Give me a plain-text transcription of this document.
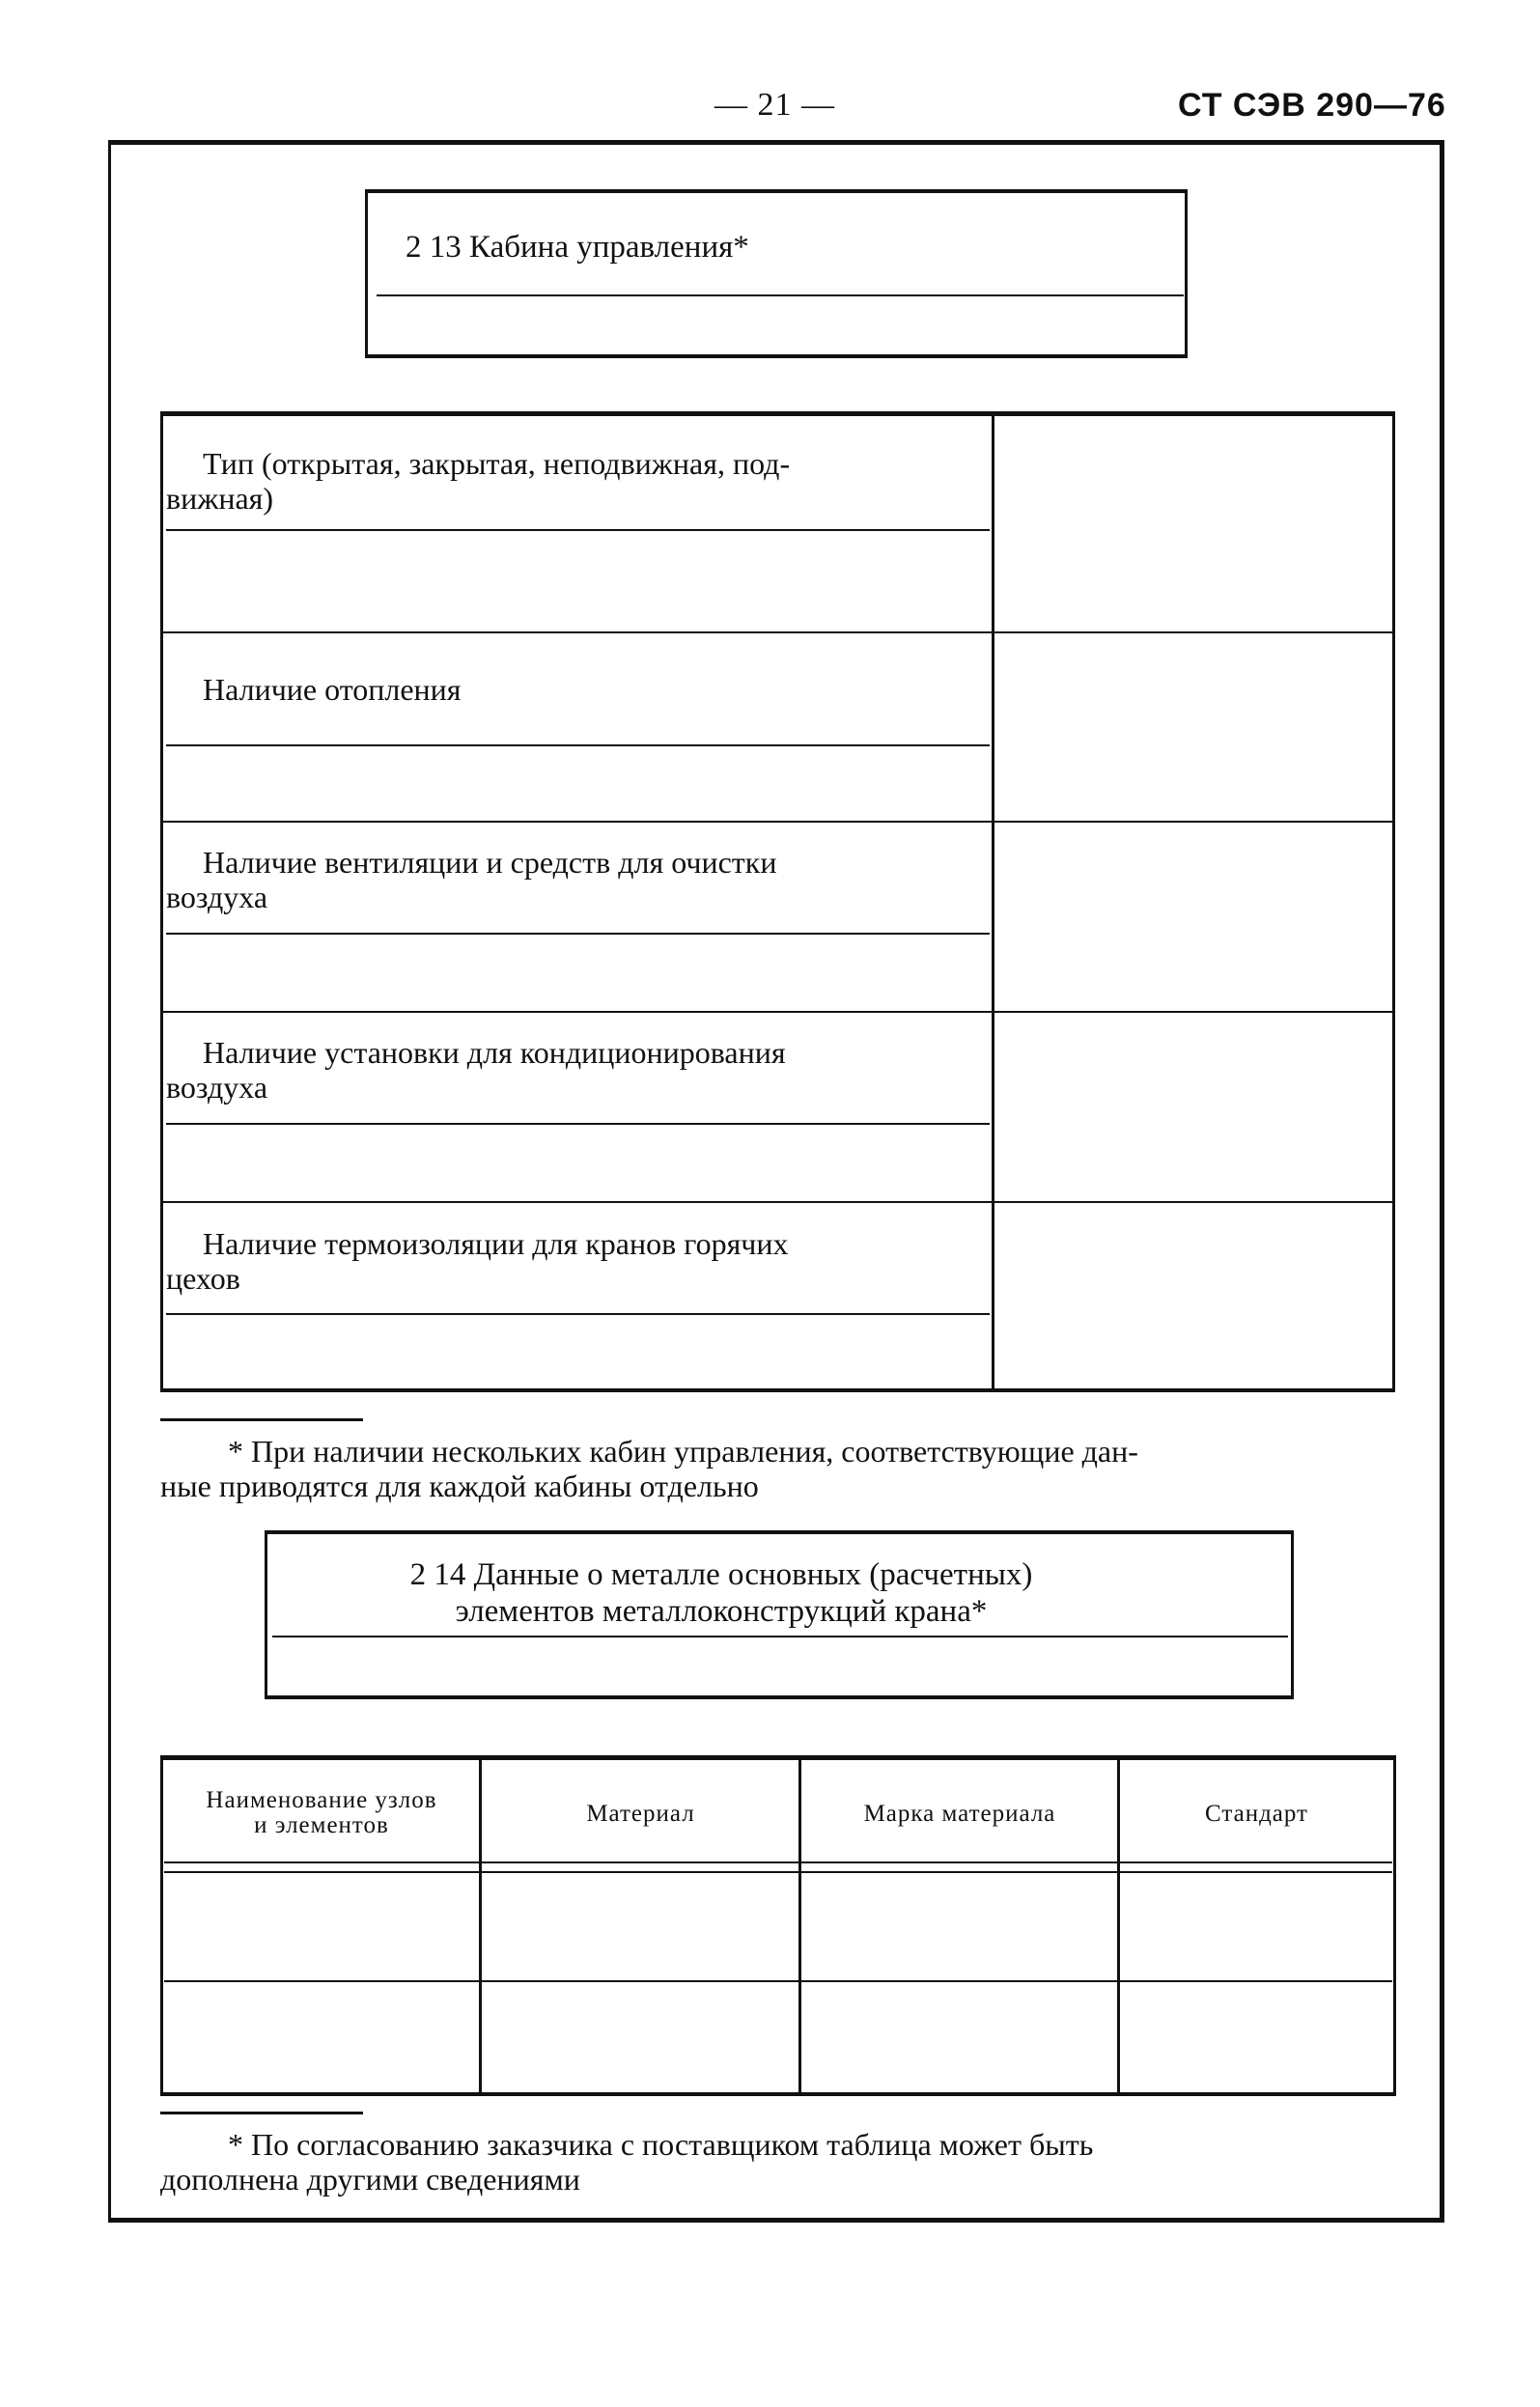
— 21 —	СТ СЭВ 290—76
2 13 Кабина управления*
Тип (открытая, закрытая, неподвижная, под-
вижная)
Наличие отопления
Наличие вентиляции и средств для очистки
воздуха
Наличие установки для кондиционирования
воздуха
Наличие термоизоляции для кранов горячих
цехов
* При наличии нескольких кабин управления, соответствующие дан-
ные приводятся для каждой кабины отдельно
2 14 Данные о металле основных (расчетных)
элементов металлоконструкций крана*
Наименование узлов
и элементов	Материал	Марка материала	Стандарт
* По согласованию заказчика с поставщиком таблица может быть
дополнена другими сведениями
